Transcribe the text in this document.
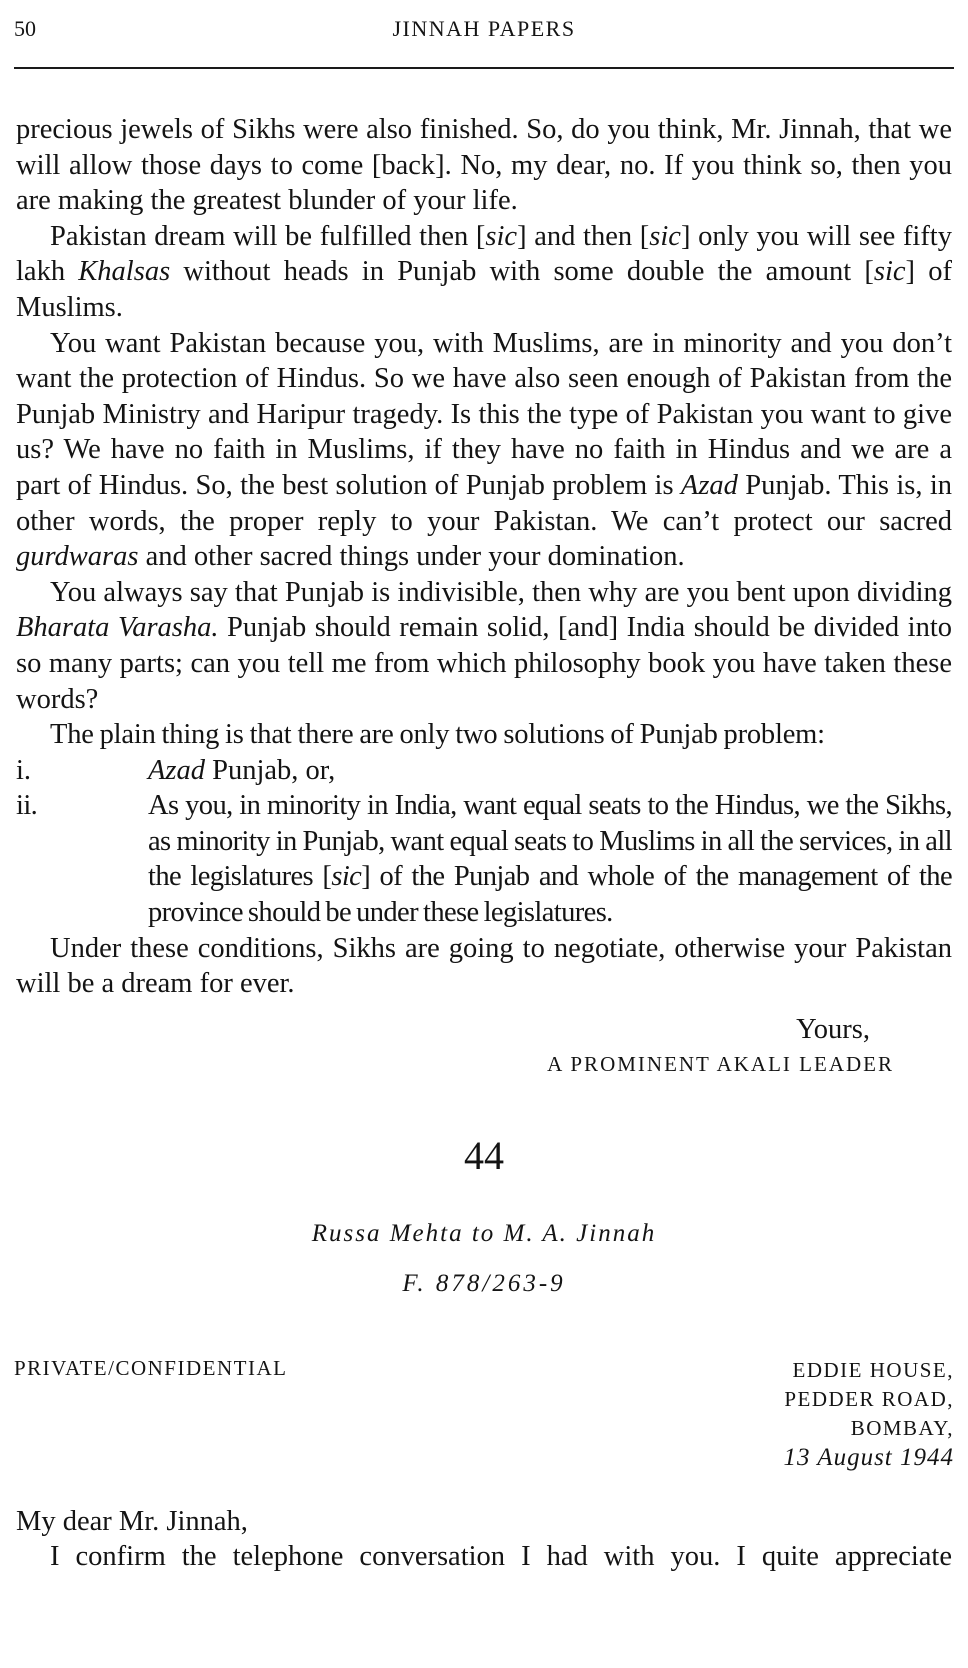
50	JINNAH PAPERS

precious jewels of Sikhs were also finished. So, do you think, Mr. Jinnah, that we will allow those days to come [back]. No, my dear, no. If you think so, then you are making the greatest blunder of your life.

Pakistan dream will be fulfilled then [sic] and then [sic] only you will see fifty lakh Khalsas without heads in Punjab with some double the amount [sic] of Muslims.

You want Pakistan because you, with Muslims, are in minority and you don’t want the protection of Hindus. So we have also seen enough of Pakistan from the Punjab Ministry and Haripur tragedy. Is this the type of Pakistan you want to give us? We have no faith in Muslims, if they have no faith in Hindus and we are a part of Hindus. So, the best solution of Punjab problem is Azad Punjab. This is, in other words, the proper reply to your Pakistan. We can’t protect our sacred gurdwaras and other sacred things under your domination.

You always say that Punjab is indivisible, then why are you bent upon dividing Bharata Varasha. Punjab should remain solid, [and] India should be divided into so many parts; can you tell me from which philosophy book you have taken these words?

The plain thing is that there are only two solutions of Punjab problem:

i.	Azad Punjab, or,
ii.	As you, in minority in India, want equal seats to the Hindus, we the Sikhs, as minority in Punjab, want equal seats to Muslims in all the services, in all the legislatures [sic] of the Punjab and whole of the management of the province should be under these legislatures.

Under these conditions, Sikhs are going to negotiate, otherwise your Pakistan will be a dream for ever.

Yours,
A PROMINENT AKALI LEADER
44
Russa Mehta to M. A. Jinnah
F. 878/263-9
PRIVATE/CONFIDENTIAL	EDDIE HOUSE,
PEDDER ROAD,
BOMBAY,
13 August 1944
My dear Mr. Jinnah,
I confirm the telephone conversation I had with you. I quite appreciate
